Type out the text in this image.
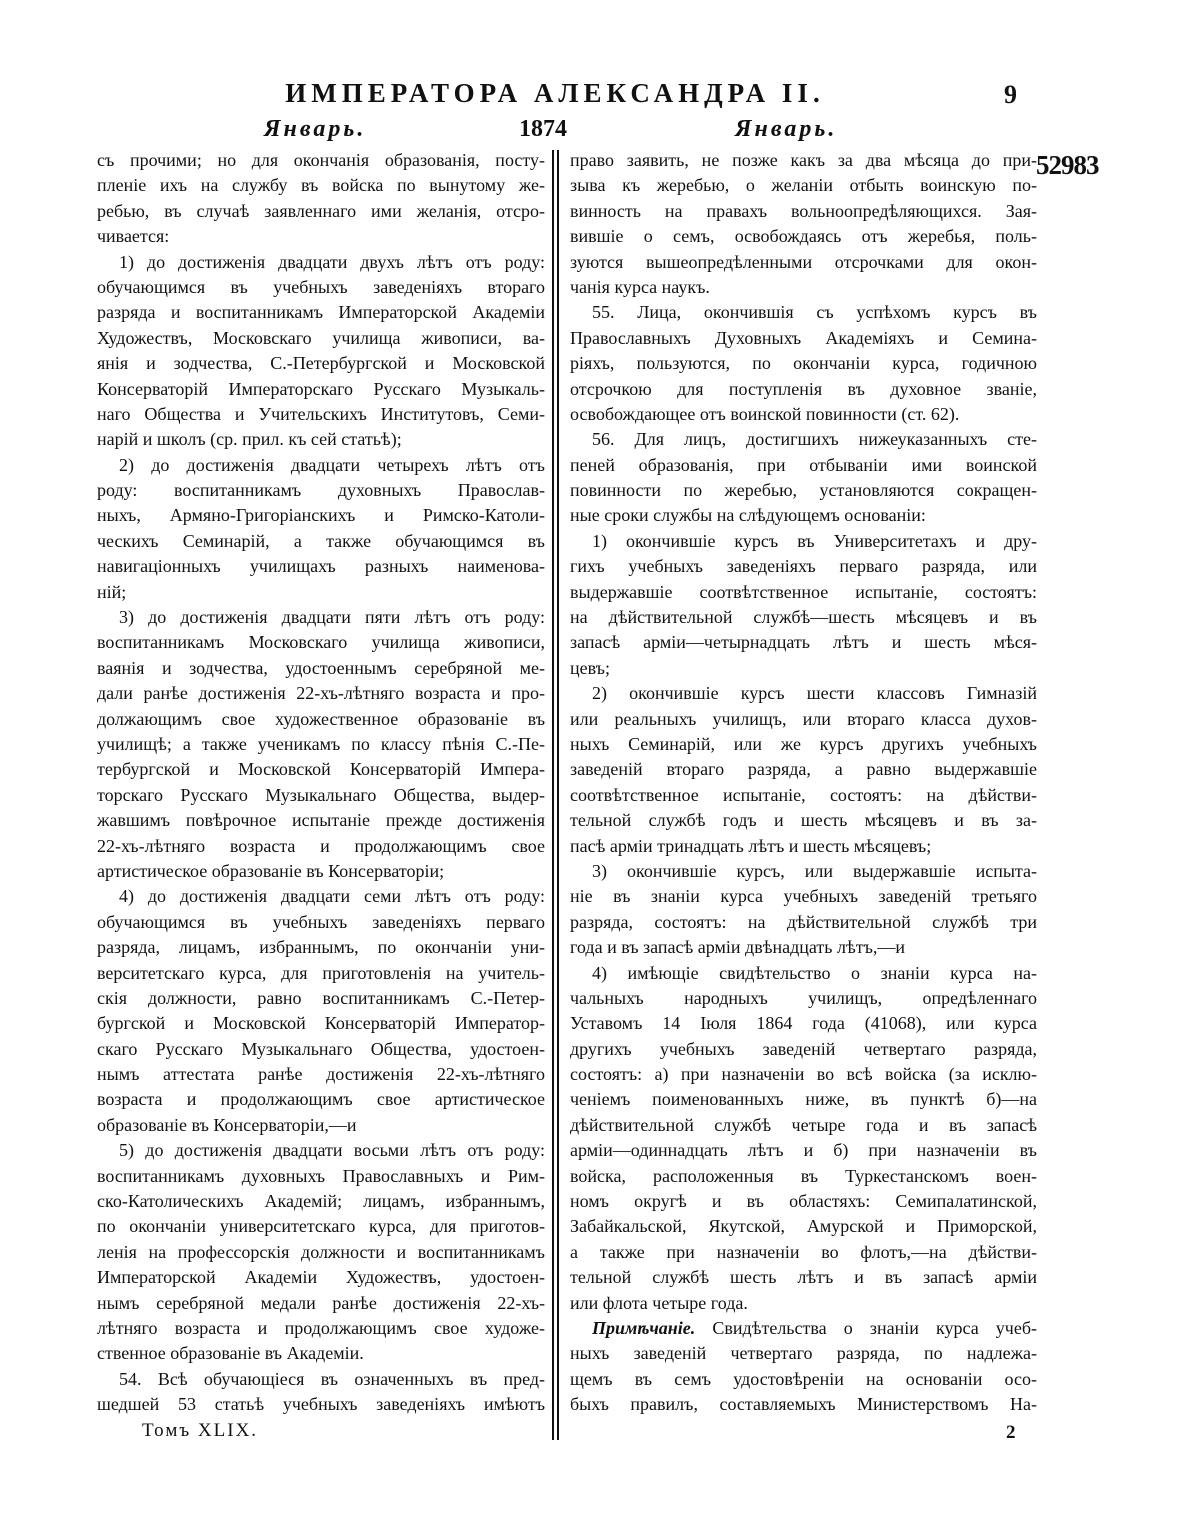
ИМПЕРАТОРА АЛЕКСАНДРА II.	9
Январь.	1874	Январь.
съ прочими; но для окончанія образованія, посту-
пленіе ихъ на службу въ войска по вынутому же-
ребью, въ случаѣ заявленнаго ими желанія, отсро-
чивается:
1) до достиженія двадцати двухъ лѣтъ отъ роду:
обучающимся въ учебныхъ заведеніяхъ втораго
разряда и воспитанникамъ Императорской Академіи
Художествъ, Московскаго училища живописи, ва-
янія и зодчества, С.-Петербургской и Московской
Консерваторій Императорскаго Русскаго Музыкаль-
наго Общества и Учительскихъ Институтовъ, Семи-
нарій и школъ (ср. прил. къ сей статьѣ);
2) до достиженія двадцати четырехъ лѣтъ отъ
роду: воспитанникамъ духовныхъ Православ-
ныхъ, Армяно-Григоріанскихъ и Римско-Католи-
ческихъ Семинарій, а также обучающимся въ
навигаціонныхъ училищахъ разныхъ наименова-
ній;
3) до достиженія двадцати пяти лѣтъ отъ роду:
воспитанникамъ Московскаго училища живописи,
ваянія и зодчества, удостоеннымъ серебряной ме-
дали ранѣе достиженія 22-хъ-лѣтняго возраста и про-
должающимъ свое художественное образованіе въ
училищѣ; а также ученикамъ по классу пѣнія С.-Пе-
тербургской и Московской Консерваторій Импера-
торскаго Русскаго Музыкальнаго Общества, выдер-
жавшимъ повѣрочное испытаніе прежде достиженія
22-хъ-лѣтняго возраста и продолжающимъ свое
артистическое образованіе въ Консерваторіи;
4) до достиженія двадцати семи лѣтъ отъ роду:
обучающимся въ учебныхъ заведеніяхъ перваго
разряда, лицамъ, избраннымъ, по окончаніи уни-
верситетскаго курса, для приготовленія на учитель-
скія должности, равно воспитанникамъ С.-Петер-
бургской и Московской Консерваторій Император-
скаго Русскаго Музыкальнаго Общества, удостоен-
нымъ аттестата ранѣе достиженія 22-хъ-лѣтняго
возраста и продолжающимъ свое артистическое
образованіе въ Консерваторіи,—и
5) до достиженія двадцати восьми лѣтъ отъ роду:
воспитанникамъ духовныхъ Православныхъ и Рим-
ско-Католическихъ Академій; лицамъ, избраннымъ,
по окончаніи университетскаго курса, для приготов-
ленія на профессорскія должности и воспитанникамъ
Императорской Академіи Художествъ, удостоен-
нымъ серебряной медали ранѣе достиженія 22-хъ-
лѣтняго возраста и продолжающимъ свое художе-
ственное образованіе въ Академіи.
54. Всѣ обучающіеся въ означенныхъ въ пред-
шедшей 53 статьѣ учебныхъ заведеніяхъ имѣютъ
право заявить, не позже какъ за два мѣсяца до при-
зыва къ жеребью, о желаніи отбыть воинскую по-
винность на правахъ вольноопредѣляющихся. Зая-
вившіе о семъ, освобождаясь отъ жеребья, поль-
зуются вышеопредѣленными отсрочками для окон-
чанія курса наукъ.
55. Лица, окончившія съ успѣхомъ курсъ въ
Православныхъ Духовныхъ Академіяхъ и Семина-
ріяхъ, пользуются, по окончаніи курса, годичною
отсрочкою для поступленія въ духовное званіе,
освобождающее отъ воинской повинности (ст. 62).
56. Для лицъ, достигшихъ нижеуказанныхъ сте-
пеней образованія, при отбываніи ими воинской
повинности по жеребью, установляются сокращен-
ные сроки службы на слѣдующемъ основаніи:
1) окончившіе курсъ въ Университетахъ и дру-
гихъ учебныхъ заведеніяхъ перваго разряда, или
выдержавшіе соотвѣтственное испытаніе, состоятъ:
на дѣйствительной службѣ—шесть мѣсяцевъ и въ
запасѣ арміи—четырнадцать лѣтъ и шесть мѣся-
цевъ;
2) окончившіе курсъ шести классовъ Гимназій
или реальныхъ училищъ, или втораго класса духов-
ныхъ Семинарій, или же курсъ другихъ учебныхъ
заведеній втораго разряда, а равно выдержавшіе
соотвѣтственное испытаніе, состоятъ: на дѣйстви-
тельной службѣ годъ и шесть мѣсяцевъ и въ за-
пасѣ арміи тринадцать лѣтъ и шесть мѣсяцевъ;
3) окончившіе курсъ, или выдержавшіе испыта-
ніе въ знаніи курса учебныхъ заведеній третьяго
разряда, состоятъ: на дѣйствительной службѣ три
года и въ запасѣ арміи двѣнадцать лѣтъ,—и
4) имѣющіе свидѣтельство о знаніи курса на-
чальныхъ народныхъ училищъ, опредѣленнаго
Уставомъ 14 Іюля 1864 года (41068), или курса
другихъ учебныхъ заведеній четвертаго разряда,
состоятъ: а) при назначеніи во всѣ войска (за исклю-
ченіемъ поименованныхъ ниже, въ пунктѣ б)—на
дѣйствительной службѣ четыре года и въ запасѣ
арміи—одиннадцать лѣтъ и б) при назначеніи въ
войска, расположенныя въ Туркестанскомъ воен-
номъ округѣ и въ областяхъ: Семипалатинской,
Забайкальской, Якутской, Амурской и Приморской,
а также при назначеніи во флотъ,—на дѣйстви-
тельной службѣ шесть лѣтъ и въ запасѣ арміи
или флота четыре года.
Примѣчаніе. Свидѣтельства о знаніи курса учеб-
ныхъ заведеній четвертаго разряда, по надлежа-
щемъ въ семъ удостовѣреніи на основаніи осо-
быхъ правилъ, составляемыхъ Министерствомъ На-
52983
Томъ XLIX.	2
